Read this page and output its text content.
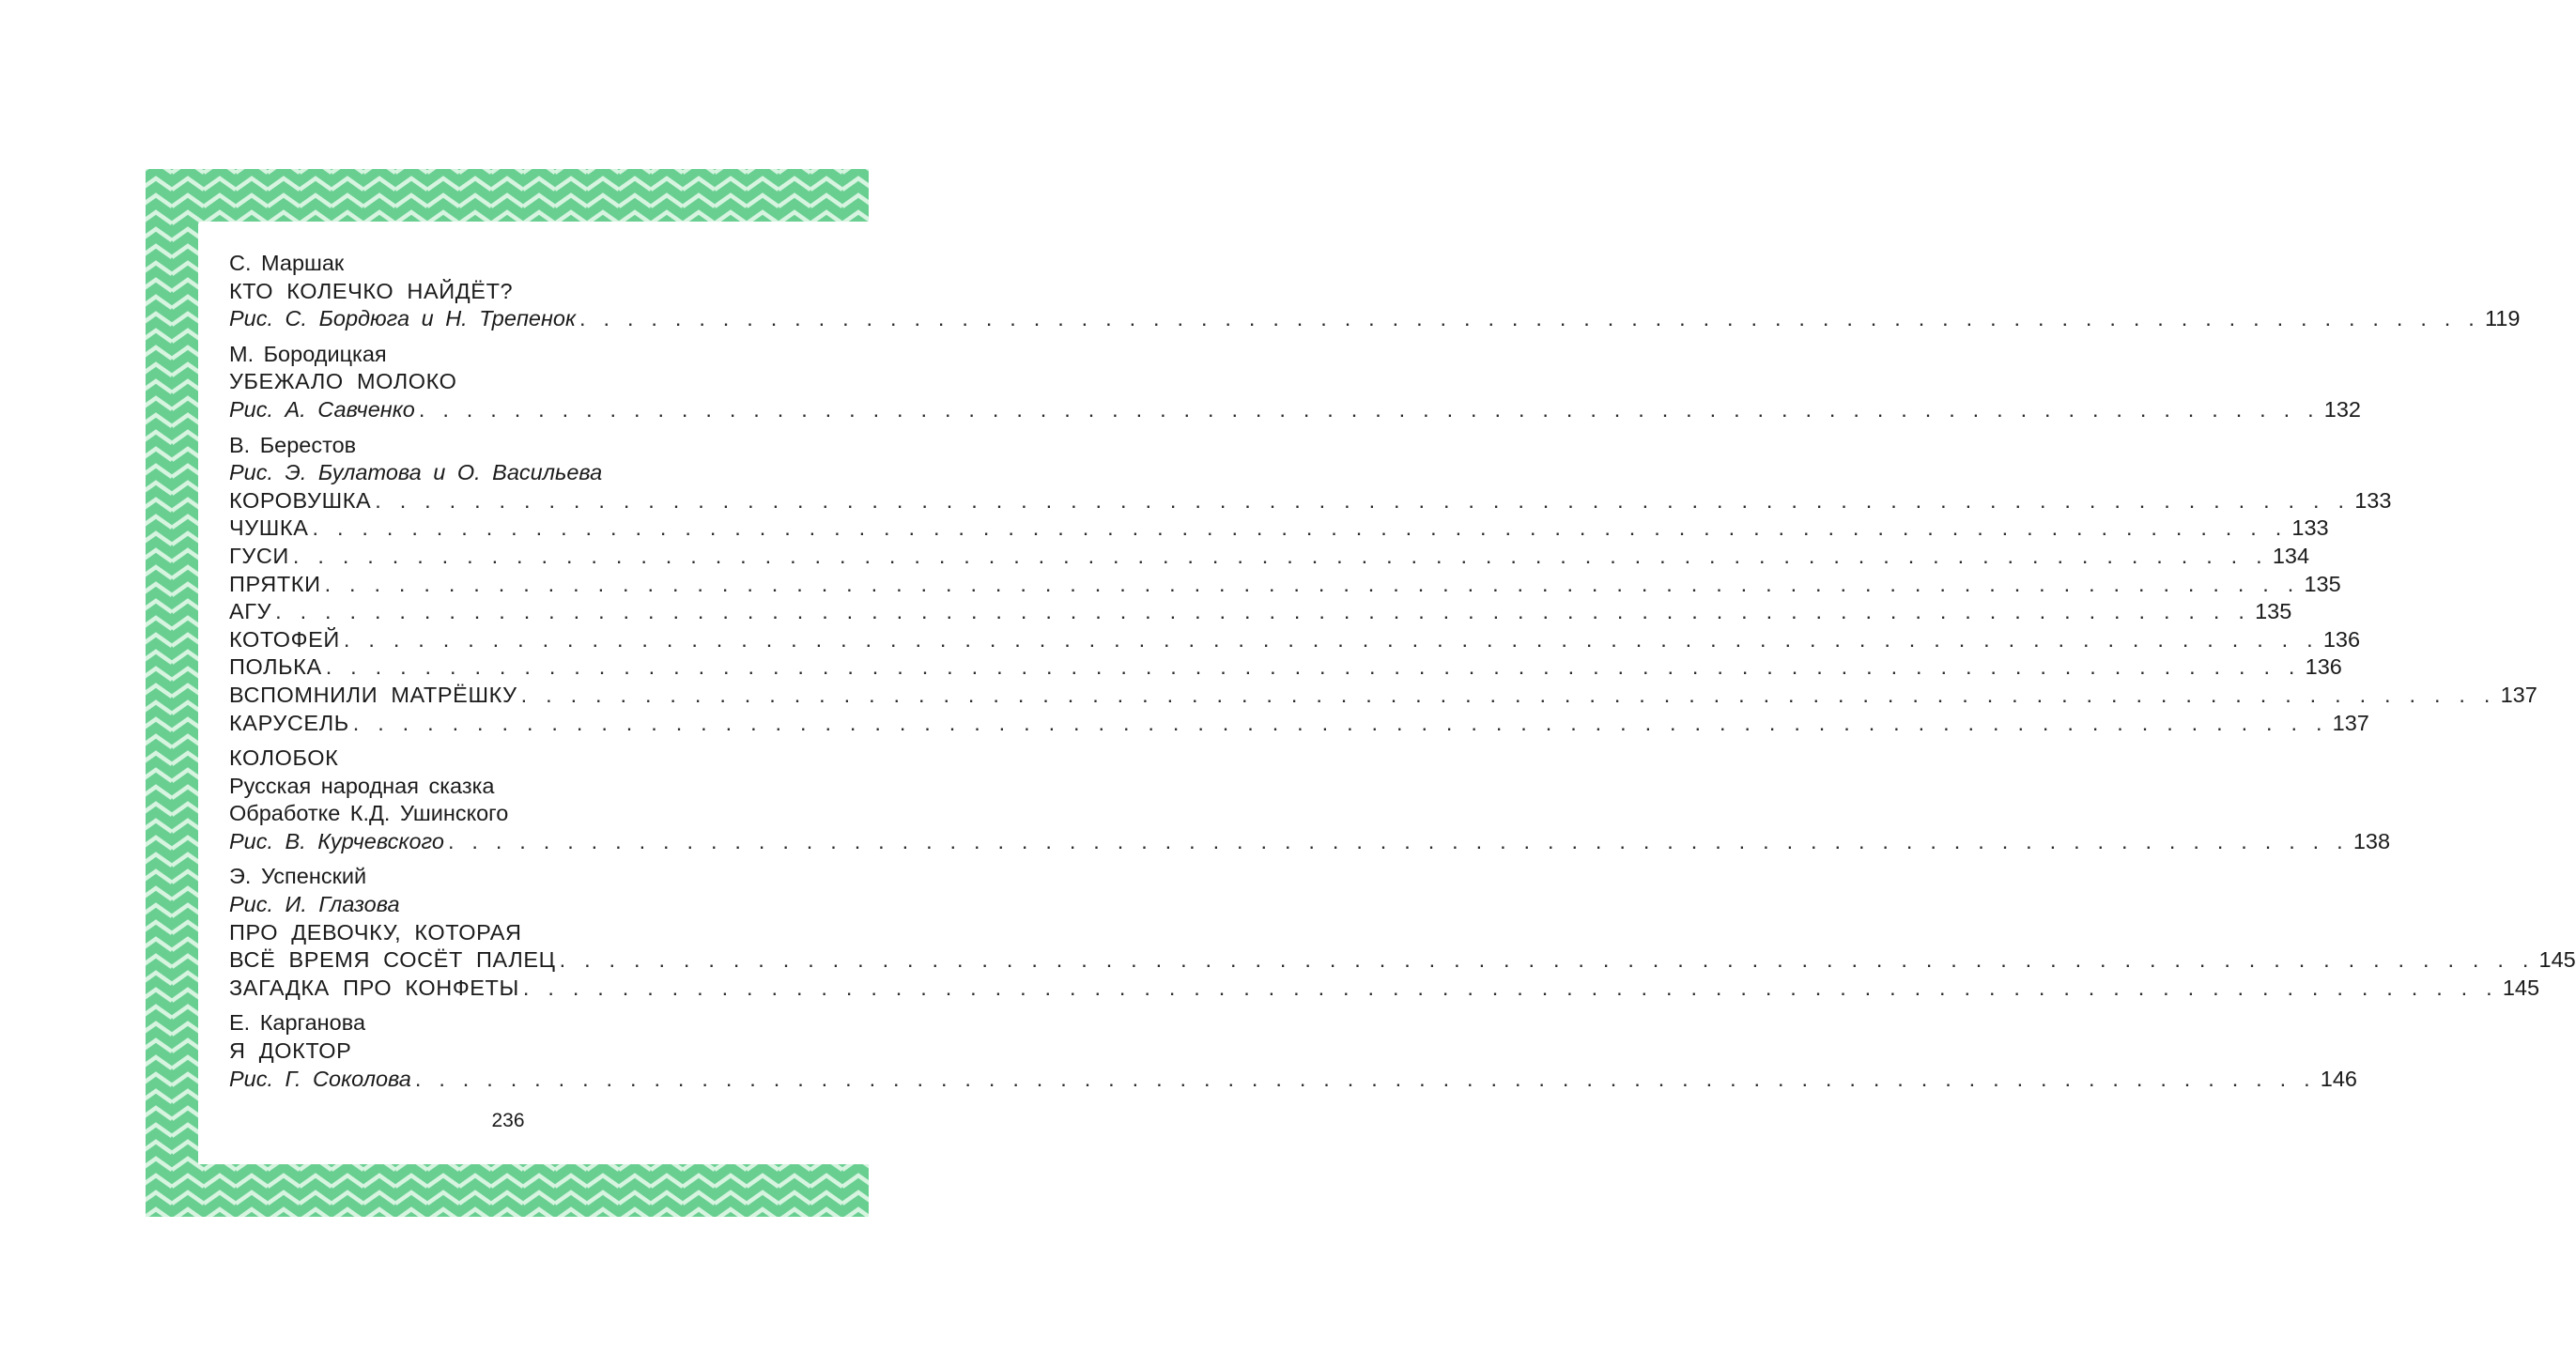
С. Маршак
КТО КОЛЕЧКО НАЙДЁТ?
Рис. С. Бордюга и Н. Трепенок . . . . . . . . . . . . . . . . . . . . . . . . . . . . . . . . . . . . . . . . . . . . . . . . . . . . . . . . . . . . . . . . . . . . . . . . . . . . . . . . 119
М. Бородицкая
УБЕЖАЛО МОЛОКО
Рис. А. Савченко . . . . . . . . . . . . . . . . . . . . . . . . . . . . . . . . . . . . . . . . . . . . . . . . . . . . . . . . . . . . . . . . . . . . . . . . . . . . . . . . 132
В. Берестов
Рис. Э. Булатова и О. Васильева
КОРОВУШКА . . . . . . . . . . . . . . . . . . . . . . . . . . . . . . . . . . . . . . . . . . . . . . . . . . . . . . . . . . . . . . . . . . . . . . . . . . . . . . . . 133
ЧУШКА . . . . . . . . . . . . . . . . . . . . . . . . . . . . . . . . . . . . . . . . . . . . . . . . . . . . . . . . . . . . . . . . . . . . . . . . . . . . . . . . 133
ГУСИ . . . . . . . . . . . . . . . . . . . . . . . . . . . . . . . . . . . . . . . . . . . . . . . . . . . . . . . . . . . . . . . . . . . . . . . . . . . . . . . . 134
ПРЯТКИ . . . . . . . . . . . . . . . . . . . . . . . . . . . . . . . . . . . . . . . . . . . . . . . . . . . . . . . . . . . . . . . . . . . . . . . . . . . . . . . . 135
АГУ . . . . . . . . . . . . . . . . . . . . . . . . . . . . . . . . . . . . . . . . . . . . . . . . . . . . . . . . . . . . . . . . . . . . . . . . . . . . . . . . 135
КОТОФЕЙ . . . . . . . . . . . . . . . . . . . . . . . . . . . . . . . . . . . . . . . . . . . . . . . . . . . . . . . . . . . . . . . . . . . . . . . . . . . . . . . . 136
ПОЛЬКА . . . . . . . . . . . . . . . . . . . . . . . . . . . . . . . . . . . . . . . . . . . . . . . . . . . . . . . . . . . . . . . . . . . . . . . . . . . . . . . . 136
ВСПОМНИЛИ МАТРЁШКУ . . . . . . . . . . . . . . . . . . . . . . . . . . . . . . . . . . . . . . . . . . . . . . . . . . . . . . . . . . . . . . . . . . . . . . . . . . . . . . . . 137
КАРУСЕЛЬ . . . . . . . . . . . . . . . . . . . . . . . . . . . . . . . . . . . . . . . . . . . . . . . . . . . . . . . . . . . . . . . . . . . . . . . . . . . . . . . . 137
КОЛОБОК
Русская народная сказка
Обработке К.Д. Ушинского
Рис. В. Курчевского . . . . . . . . . . . . . . . . . . . . . . . . . . . . . . . . . . . . . . . . . . . . . . . . . . . . . . . . . . . . . . . . . . . . . . . . . . . . . . . . 138
Э. Успенский
Рис. И. Глазова
ПРО ДЕВОЧКУ, КОТОРАЯ
ВСЁ ВРЕМЯ СОСЁТ ПАЛЕЦ . . . . . . . . . . . . . . . . . . . . . . . . . . . . . . . . . . . . . . . . . . . . . . . . . . . . . . . . . . . . . . . . . . . . . . . . . . . . . . . . 145
ЗАГАДКА ПРО КОНФЕТЫ . . . . . . . . . . . . . . . . . . . . . . . . . . . . . . . . . . . . . . . . . . . . . . . . . . . . . . . . . . . . . . . . . . . . . . . . . . . . . . . . 145
Е. Карганова
Я ДОКТОР
Рис. Г. Соколова . . . . . . . . . . . . . . . . . . . . . . . . . . . . . . . . . . . . . . . . . . . . . . . . . . . . . . . . . . . . . . . . . . . . . . . . . . . . . . . . 146
236
